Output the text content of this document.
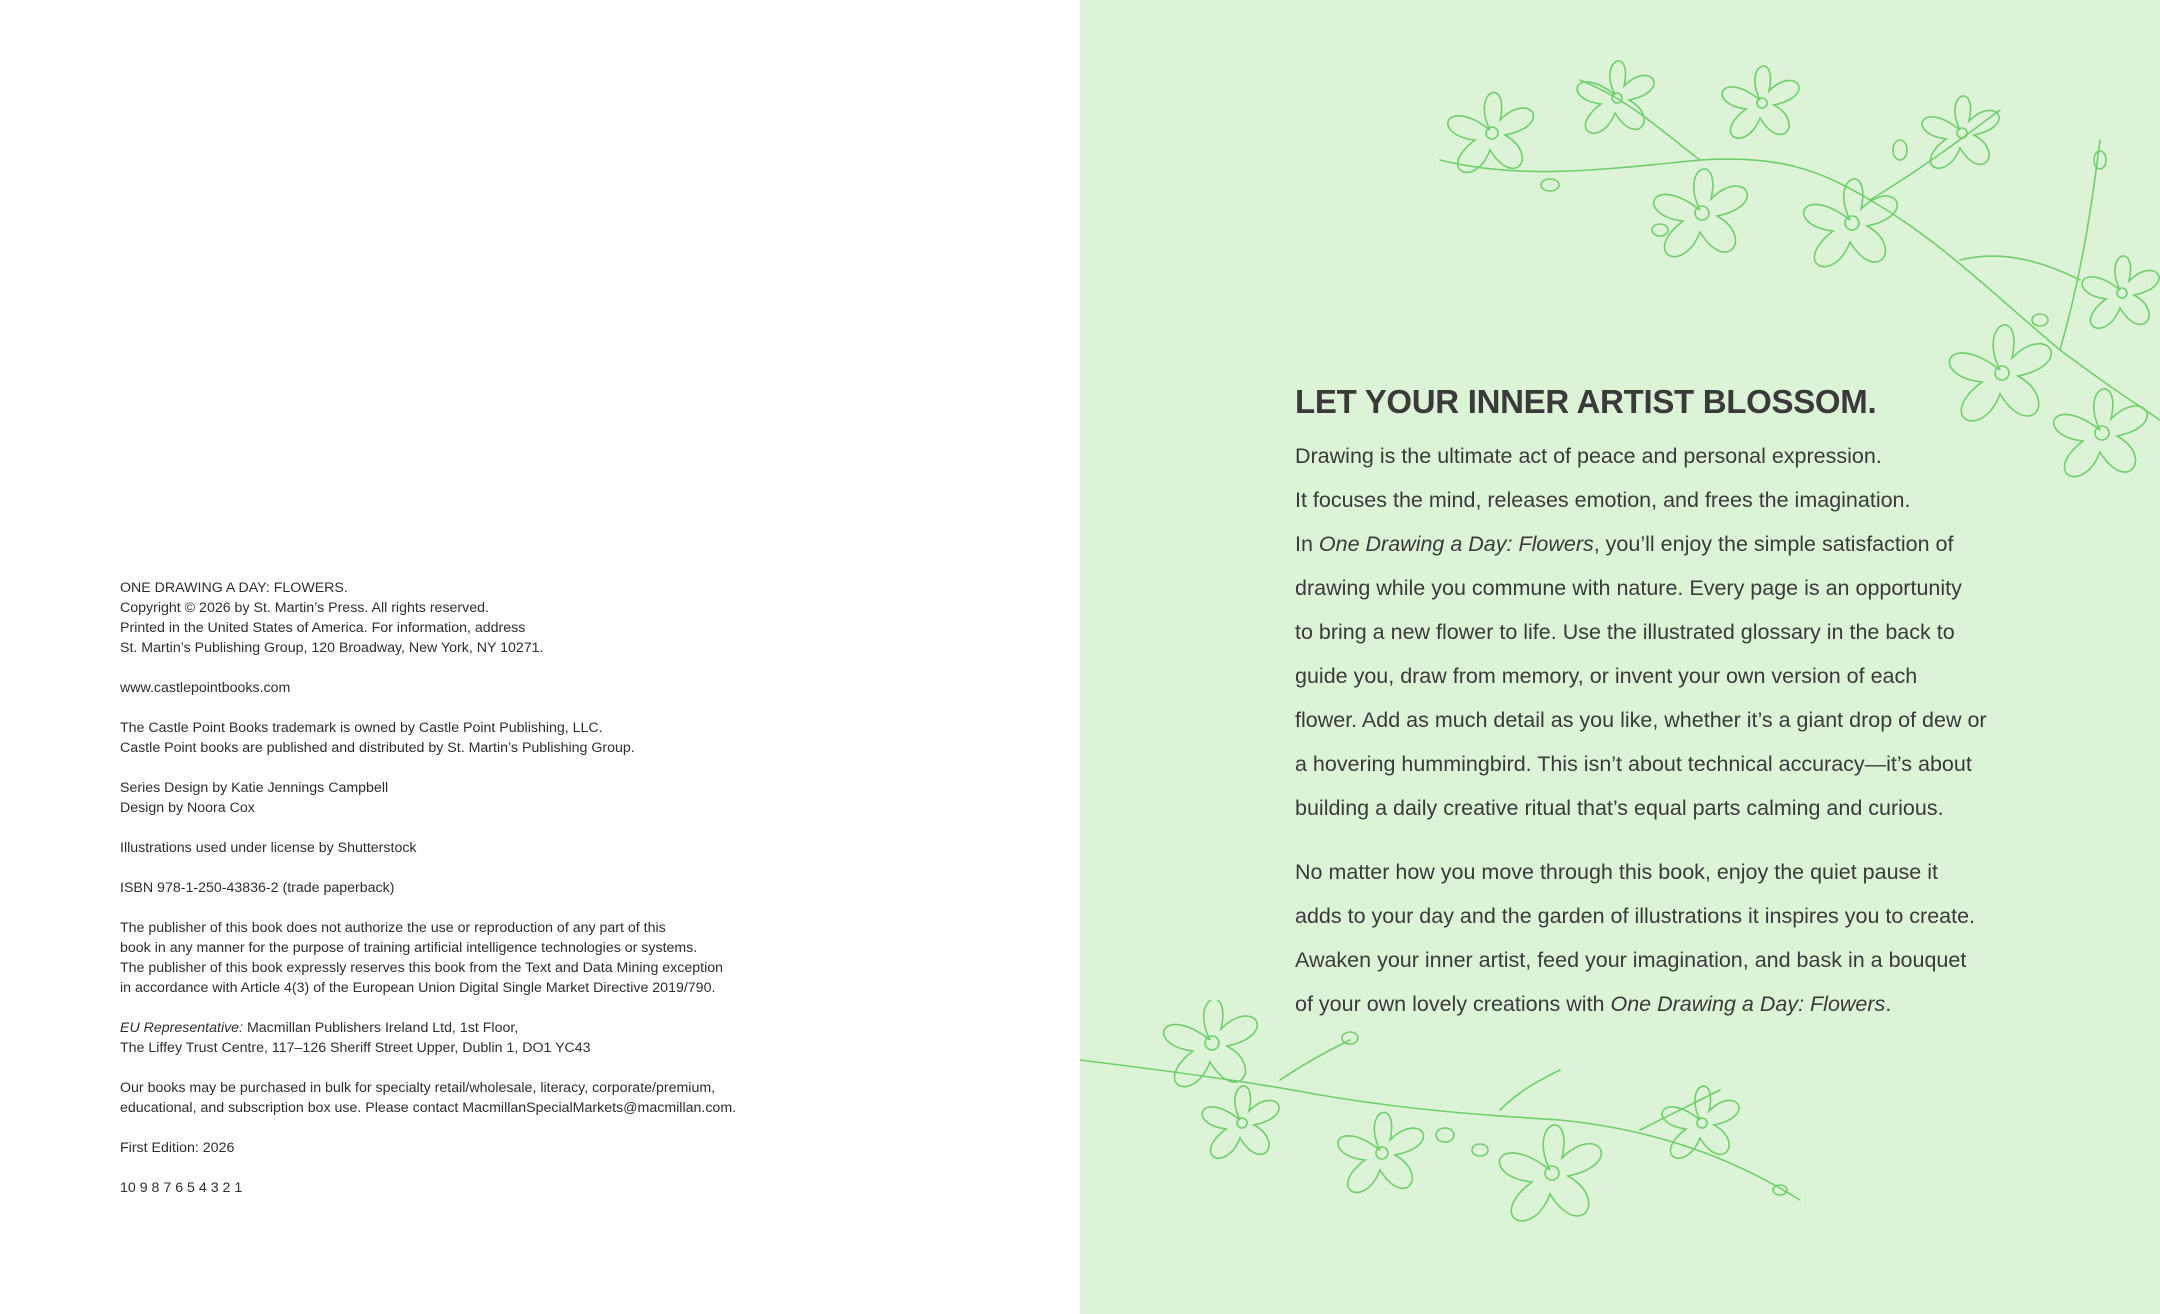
ONE DRAWING A DAY: FLOWERS.
Copyright © 2026 by St. Martin’s Press. All rights reserved.
Printed in the United States of America. For information, address
St. Martin’s Publishing Group, 120 Broadway, New York, NY 10271.
www.castlepointbooks.com
The Castle Point Books trademark is owned by Castle Point Publishing, LLC.
Castle Point books are published and distributed by St. Martin’s Publishing Group.
Series Design by Katie Jennings Campbell
Design by Noora Cox
Illustrations used under license by Shutterstock
ISBN 978-1-250-43836-2 (trade paperback)
The publisher of this book does not authorize the use or reproduction of any part of this
book in any manner for the purpose of training artificial intelligence technologies or systems.
The publisher of this book expressly reserves this book from the Text and Data Mining exception
in accordance with Article 4(3) of the European Union Digital Single Market Directive 2019/790.
EU Representative: Macmillan Publishers Ireland Ltd, 1st Floor,
The Liffey Trust Centre, 117–126 Sheriff Street Upper, Dublin 1, DO1 YC43
Our books may be purchased in bulk for specialty retail/wholesale, literacy, corporate/premium,
educational, and subscription box use. Please contact MacmillanSpecialMarkets@macmillan.com.
First Edition: 2026
10 9 8 7 6 5 4 3 2 1
LET YOUR INNER ARTIST BLOSSOM.
Drawing is the ultimate act of peace and personal expression.
It focuses the mind, releases emotion, and frees the imagination.
In One Drawing a Day: Flowers, you’ll enjoy the simple satisfaction of
drawing while you commune with nature. Every page is an opportunity
to bring a new flower to life. Use the illustrated glossary in the back to
guide you, draw from memory, or invent your own version of each
flower. Add as much detail as you like, whether it’s a giant drop of dew or
a hovering hummingbird. This isn’t about technical accuracy—it’s about
building a daily creative ritual that’s equal parts calming and curious.
No matter how you move through this book, enjoy the quiet pause it
adds to your day and the garden of illustrations it inspires you to create.
Awaken your inner artist, feed your imagination, and bask in a bouquet
of your own lovely creations with One Drawing a Day: Flowers.
